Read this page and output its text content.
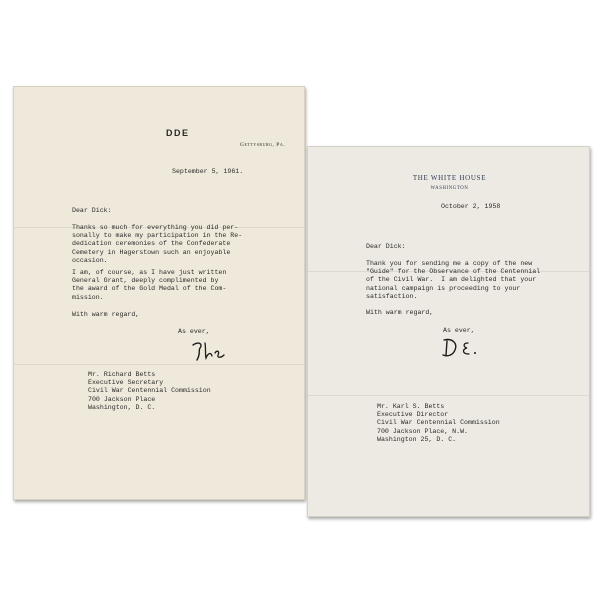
DDE
Gettysburg, Pa.
September 5, 1961.
Dear Dick:
Thanks so much for everything you did per-
sonally to make my participation in the Re-
dedication ceremonies of the Confederate
Cemetery in Hagerstown such an enjoyable
occasion.
I am, of course, as I have just written
General Grant, deeply complimented by
the award of the Gold Medal of the Com-
mission.
With warm regard,
As ever,
Mr. Richard Betts
Executive Secretary
Civil War Centennial Commission
700 Jackson Place
Washington, D. C.
THE WHITE HOUSE
WASHINGTON
October 2, 1958
Dear Dick:
Thank you for sending me a copy of the new
"Guide" for the Observance of the Centennial
of the Civil War.  I am delighted that your
national campaign is proceeding to your
satisfaction.
With warm regard,
As ever,
Mr. Karl S. Betts
Executive Director
Civil War Centennial Commission
700 Jackson Place, N.W.
Washington 25, D. C.
